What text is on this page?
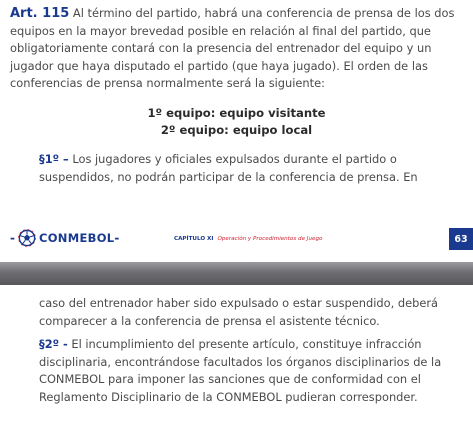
Art. 115 Al término del partido, habrá una conferencia de prensa de los dos equipos en la mayor brevedad posible en relación al final del partido, que obligatoriamente contará con la presencia del entrenador del equipo y un jugador que haya disputado el partido (que haya jugado). El orden de las conferencias de prensa normalmente será la siguiente:

1º equipo: equipo visitante
2º equipo: equipo local

§1º – Los jugadores y oficiales expulsados durante el partido o suspendidos, no podrán participar de la conferencia de prensa. En

- CONMEBOL -	CAPÍTULO XI Operación y Procedimientos de Juego	63

caso del entrenador haber sido expulsado o estar suspendido, deberá comparecer a la conferencia de prensa el asistente técnico.

§2º - El incumplimiento del presente artículo, constituye infracción disciplinaria, encontrándose facultados los órganos disciplinarios de la CONMEBOL para imponer las sanciones que de conformidad con el Reglamento Disciplinario de la CONMEBOL pudieran corresponder.
